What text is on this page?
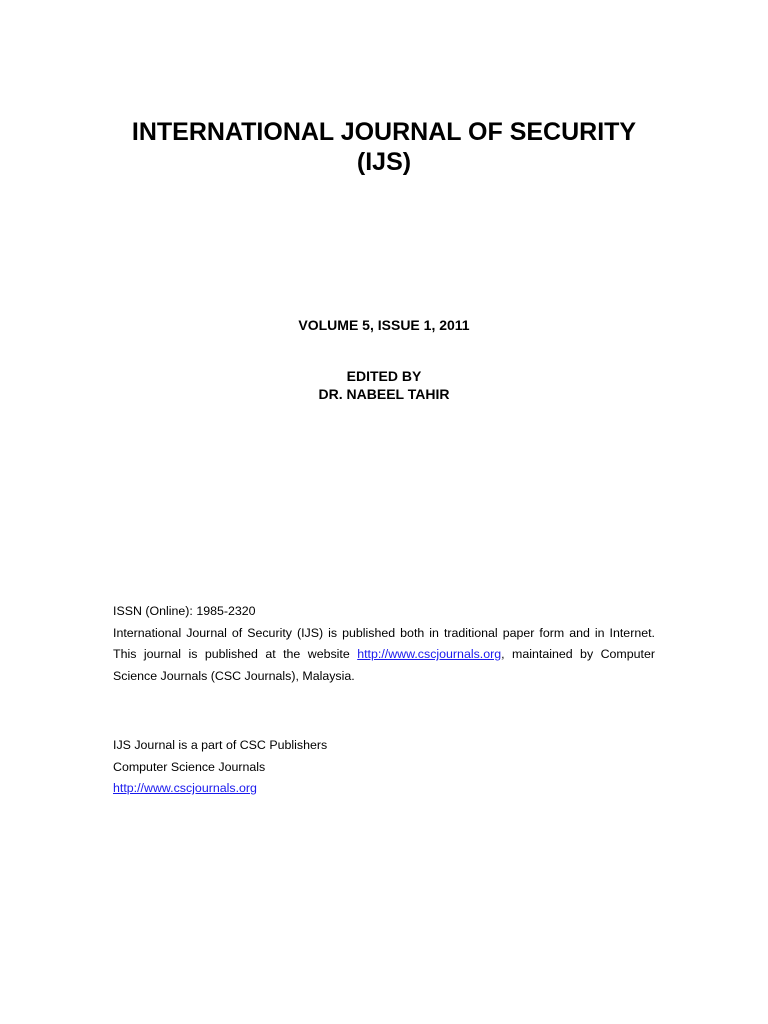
INTERNATIONAL JOURNAL OF SECURITY
(IJS)
VOLUME 5, ISSUE 1, 2011
EDITED BY
DR. NABEEL TAHIR
ISSN (Online): 1985-2320
International Journal of Security (IJS) is published both in traditional paper form and in Internet. This journal is published at the website http://www.cscjournals.org, maintained by Computer Science Journals (CSC Journals), Malaysia.
IJS Journal is a part of CSC Publishers
Computer Science Journals
http://www.cscjournals.org
